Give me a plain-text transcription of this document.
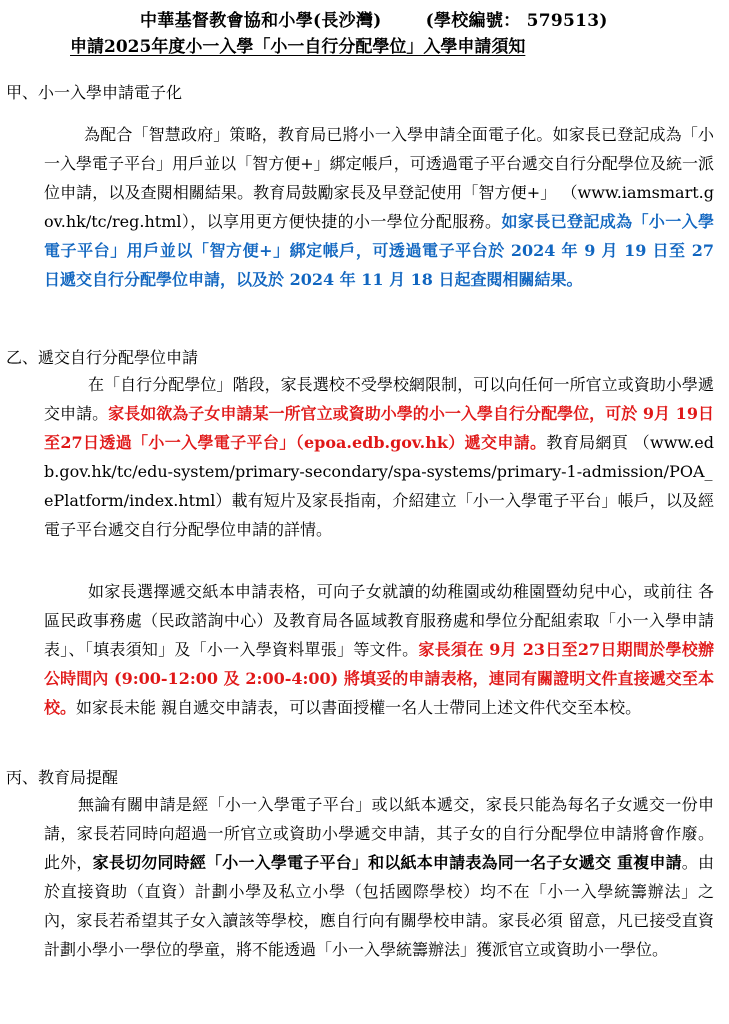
中華基督教會協和小學(長沙灣)	(學校編號： 579513)
申請2025年度小一入學「小一自行分配學位」入學申請須知
甲、小一入學申請電子化
為配合「智慧政府」策略，教育局已將小一入學申請全面電子化。如家長已登記成為「小一入學電子平台」用戶並以「智方便+」綁定帳戶，可透過電子平台遞交自行分配學位及統一派位申請，以及查閱相關結果。教育局鼓勵家長及早登記使用「智方便+」 （www.iamsmart.gov.hk/tc/reg.html），以享用更方便快捷的小一學位分配服務。如家長已登記成為「小一入學電子平台」用戶並以「智方便+」綁定帳戶，可透過電子平台於 2024 年 9 月 19 日至 27 日遞交自行分配學位申請，以及於 2024 年 11 月 18 日起查閱相關結果。
乙、遞交自行分配學位申請
在「自行分配學位」階段，家長選校不受學校網限制，可以向任何一所官立或資助小學遞交申請。家長如欲為子女申請某一所官立或資助小學的小一入學自行分配學位，可於 9月 19日至27日透過「小一入學電子平台」（epoa.edb.gov.hk）遞交申請。教育局網頁 （www.edb.gov.hk/tc/edu-system/primary-secondary/spa-systems/primary-1-admission/POA_ePlatform/index.html）載有短片及家長指南，介紹建立「小一入學電子平台」帳戶，以及經電子平台遞交自行分配學位申請的詳情。
如家長選擇遞交紙本申請表格，可向子女就讀的幼稚園或幼稚園暨幼兒中心，或前往 各區民政事務處（民政諮詢中心）及教育局各區域教育服務處和學位分配組索取「小一入學申請表」、「填表須知」及「小一入學資料單張」等文件。家長須在 9月 23日至27日期間於學校辦公時間內 (9:00-12:00 及 2:00-4:00) 將填妥的申請表格，連同有關證明文件直接遞交至本校。如家長未能 親自遞交申請表，可以書面授權一名人士帶同上述文件代交至本校。
丙、教育局提醒
無論有關申請是經「小一入學電子平台」或以紙本遞交，家長只能為每名子女遞交一份申請，家長若同時向超過一所官立或資助小學遞交申請，其子女的自行分配學位申請將會作廢。此外，家長切勿同時經「小一入學電子平台」和以紙本申請表為同一名子女遞交 重複申請。由於直接資助（直資）計劃小學及私立小學（包括國際學校）均不在「小一入學統籌辦法」之內，家長若希望其子女入讀該等學校，應自行向有關學校申請。家長必須 留意，凡已接受直資計劃小學小一學位的學童，將不能透過「小一入學統籌辦法」獲派官立或資助小一學位。
